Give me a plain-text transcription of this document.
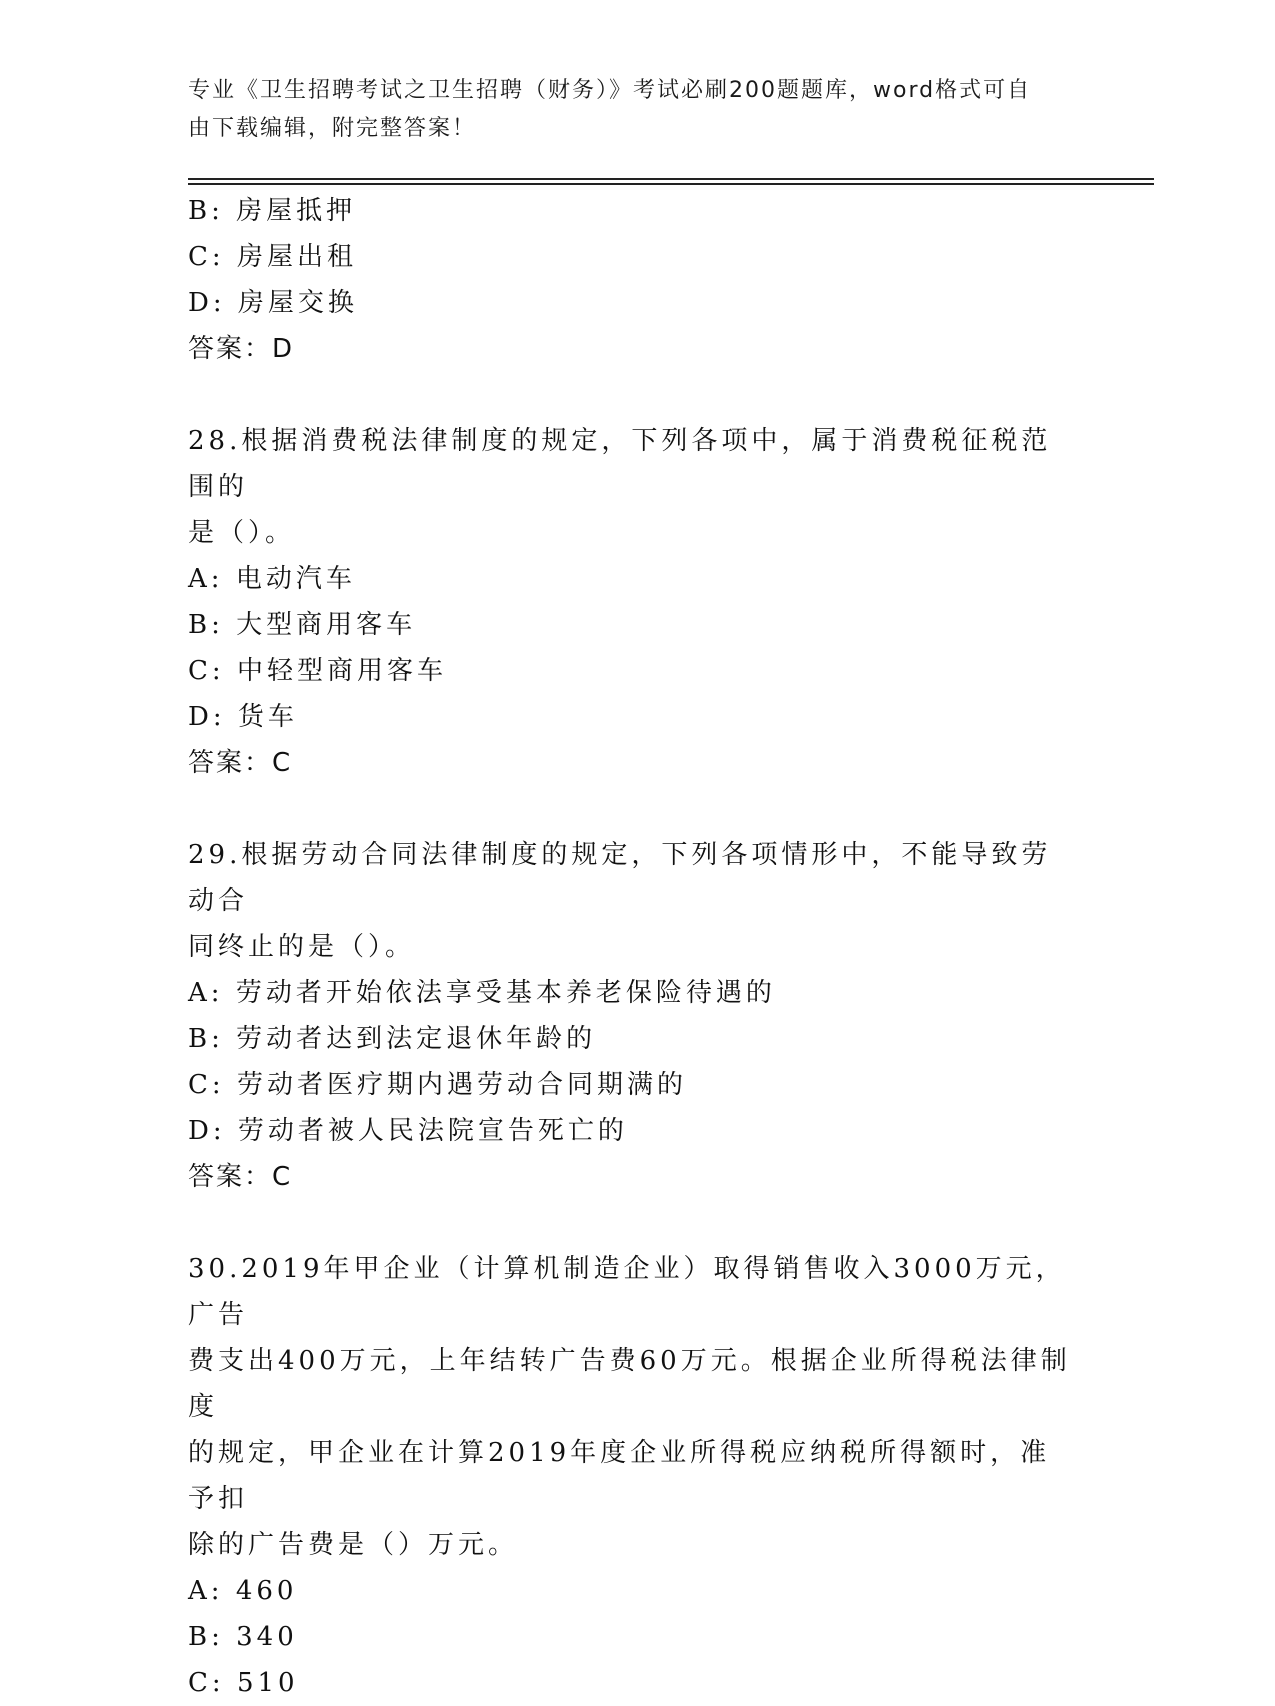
专业《卫生招聘考试之卫生招聘（财务）》考试必刷200题题库，word格式可自
由下载编辑，附完整答案！
B: 房屋抵押
C: 房屋出租
D: 房屋交换
答案：D
28.根据消费税法律制度的规定，下列各项中，属于消费税征税范围的
是（）。
A: 电动汽车
B: 大型商用客车
C: 中轻型商用客车
D: 货车
答案：C
29.根据劳动合同法律制度的规定，下列各项情形中，不能导致劳动合
同终止的是（）。
A: 劳动者开始依法享受基本养老保险待遇的
B: 劳动者达到法定退休年龄的
C: 劳动者医疗期内遇劳动合同期满的
D: 劳动者被人民法院宣告死亡的
答案：C
30.2019年甲企业（计算机制造企业）取得销售收入3000万元，广告
费支出400万元，上年结转广告费60万元。根据企业所得税法律制度
的规定，甲企业在计算2019年度企业所得税应纳税所得额时，准予扣
除的广告费是（）万元。
A: 460
B: 340
C: 510
